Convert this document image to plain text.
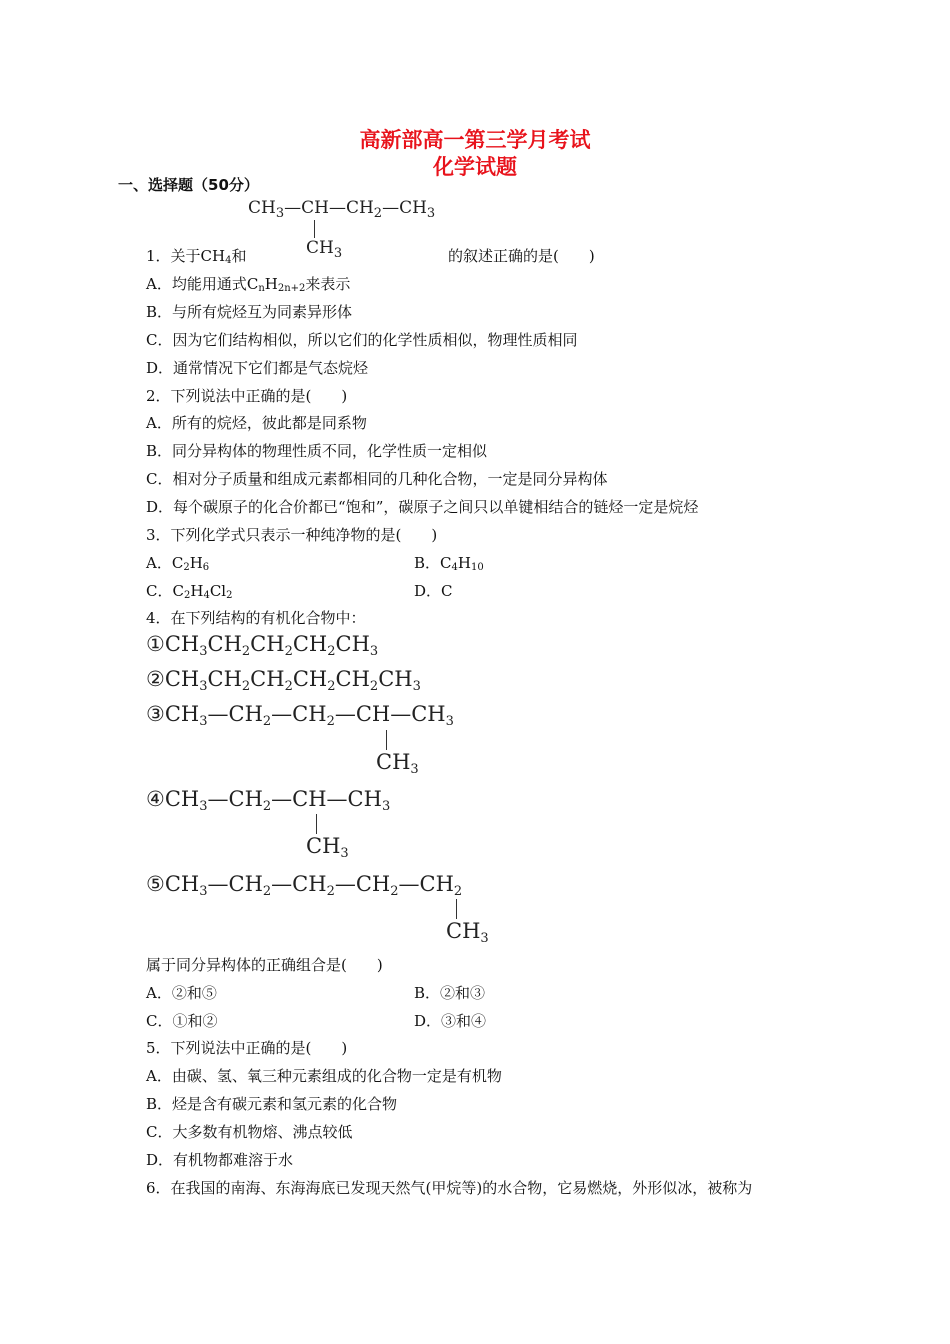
高新部高一第三学月考试
化学试题
一、选择题（50分）
$CH_3—CH—CH_2—CH_3$
$CH_3$
1．关于$CH_4$和	的叙述正确的是(　　)
A．均能用通式$C_nH_{2n+2}$来表示
B．与所有烷烃互为同素异形体
C．因为它们结构相似，所以它们的化学性质相似，物理性质相同
D．通常情况下它们都是气态烷烃
2．下列说法中正确的是(　　)
A．所有的烷烃，彼此都是同系物
B．同分异构体的物理性质不同，化学性质一定相似
C．相对分子质量和组成元素都相同的几种化合物，一定是同分异构体
D．每个碳原子的化合价都已“饱和”，碳原子之间只以单键相结合的链烃一定是烷烃
3．下列化学式只表示一种纯净物的是(　　)
A．$C_2H_6$	B．$C_4H_{10}$
C．$C_2H_4Cl_2$	D．C
4．在下列结构的有机化合物中：
①CH3CH2CH2CH2CH3
②CH3CH2CH2CH2CH2CH3
③CH3—CH2—CH2—CH—CH3
CH3
④CH3—CH2—CH—CH3
CH3
⑤CH3—CH2—CH2—CH2—CH2
CH3
属于同分异构体的正确组合是(　　)
A．②和⑤	B．②和③
C．①和②	D．③和④
5．下列说法中正确的是(　　)
A．由碳、氢、氧三种元素组成的化合物一定是有机物
B．烃是含有碳元素和氢元素的化合物
C．大多数有机物熔、沸点较低
D．有机物都难溶于水
6．在我国的南海、东海海底已发现天然气(甲烷等)的水合物，它易燃烧，外形似冰，被称为
